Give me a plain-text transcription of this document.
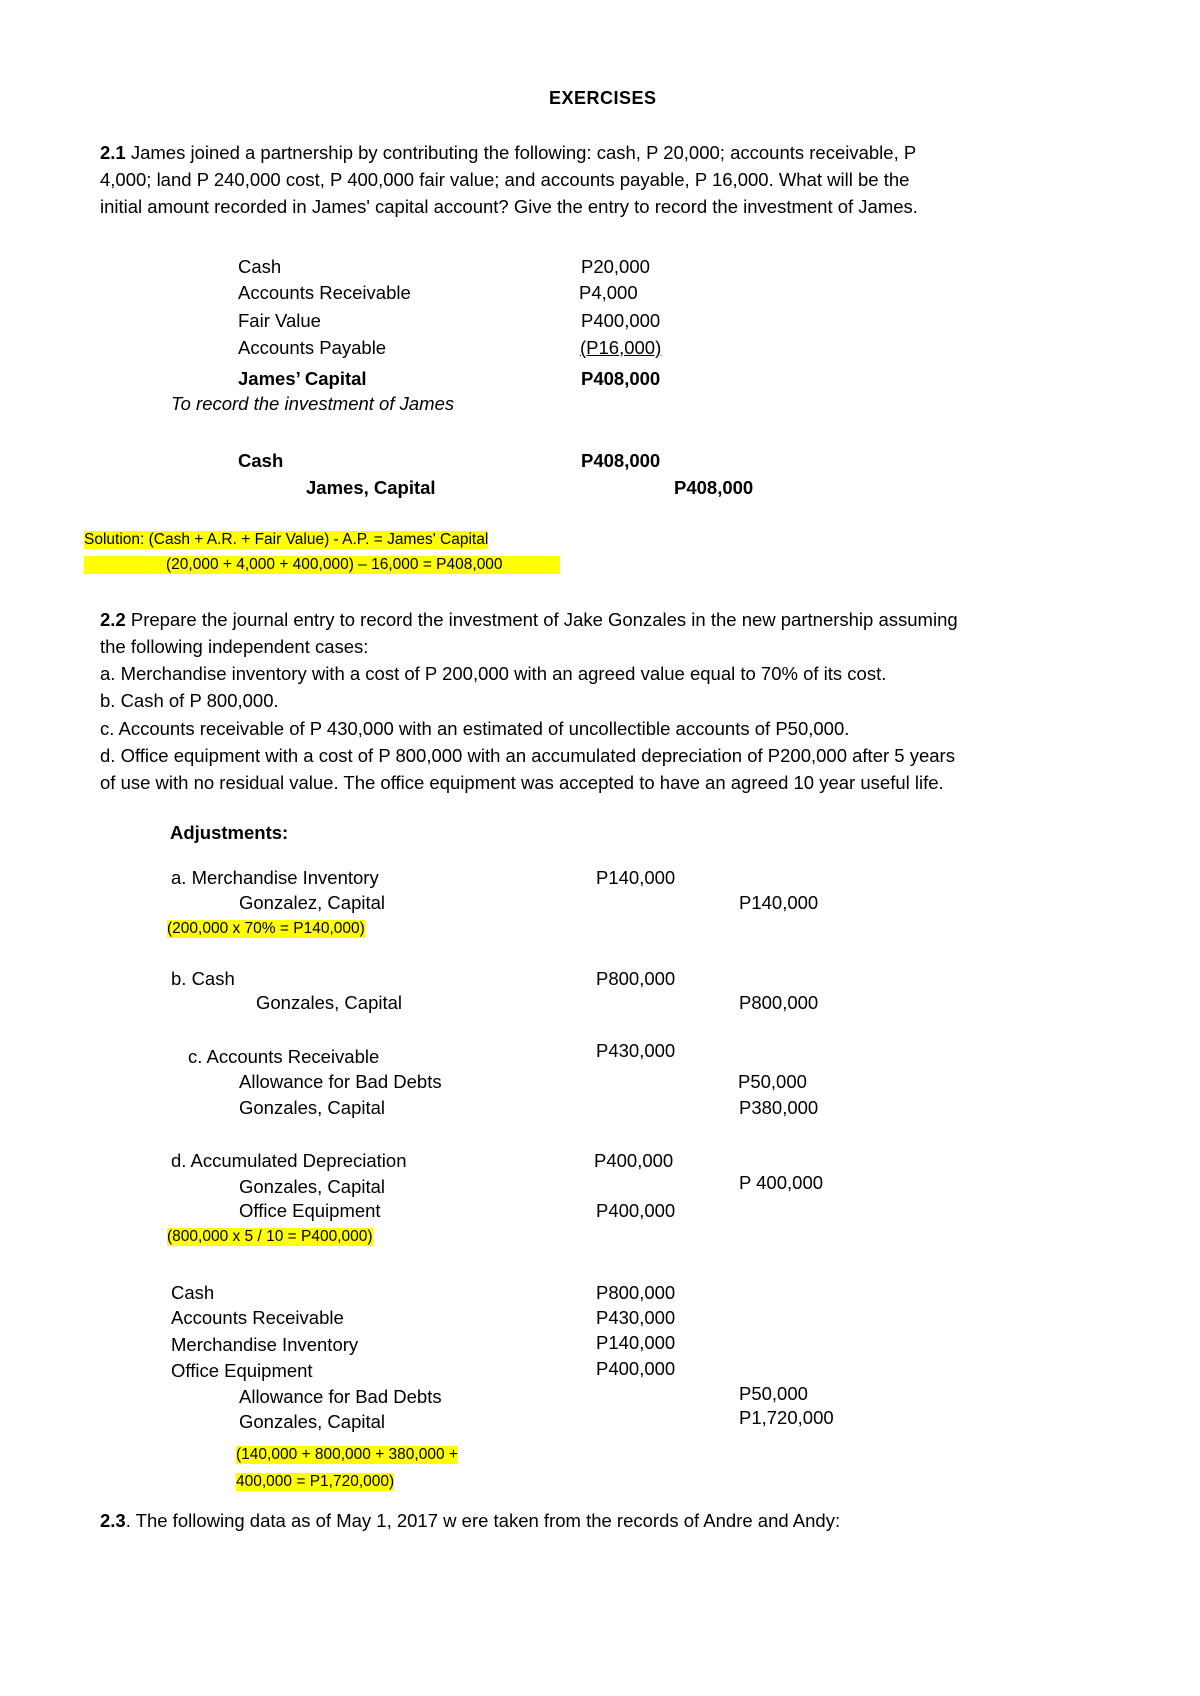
EXERCISES
2.1 James joined a partnership by contributing the following: cash, P 20,000; accounts receivable, P
4,000; land P 240,000 cost, P 400,000 fair value; and accounts payable, P 16,000. What will be the
initial amount recorded in James' capital account? Give the entry to record the investment of James.
Cash	P20,000
Accounts Receivable	P4,000
Fair Value	P400,000
Accounts Payable	(P16,000)
James’ Capital	P408,000
To record the investment of James
Cash	P408,000
James, Capital	P408,000
Solution: (Cash + A.R. + Fair Value) - A.P. = James' Capital
(20,000 + 4,000 + 400,000) – 16,000 = P408,000
2.2 Prepare the journal entry to record the investment of Jake Gonzales in the new partnership assuming
the following independent cases:
a. Merchandise inventory with a cost of P 200,000 with an agreed value equal to 70% of its cost.
b. Cash of P 800,000.
c. Accounts receivable of P 430,000 with an estimated of uncollectible accounts of P50,000.
d. Office equipment with a cost of P 800,000 with an accumulated depreciation of P200,000 after 5 years
of use with no residual value. The office equipment was accepted to have an agreed 10 year useful life.
Adjustments:
a. Merchandise Inventory	P140,000
Gonzalez, Capital	P140,000
(200,000 x 70% = P140,000)
b. Cash	P800,000
Gonzales, Capital	P800,000
c. Accounts Receivable	P430,000
Allowance for Bad Debts	P50,000
Gonzales, Capital	P380,000
d. Accumulated Depreciation	P400,000
Gonzales, Capital	P 400,000
Office Equipment	P400,000
(800,000 x 5 / 10 = P400,000)
Cash	P800,000
Accounts Receivable	P430,000
Merchandise Inventory	P140,000
Office Equipment	P400,000
Allowance for Bad Debts	P50,000
Gonzales, Capital	P1,720,000
(140,000 + 800,000 + 380,000 +
400,000 = P1,720,000)
2.3. The following data as of May 1, 2017 w ere taken from the records of Andre and Andy:
